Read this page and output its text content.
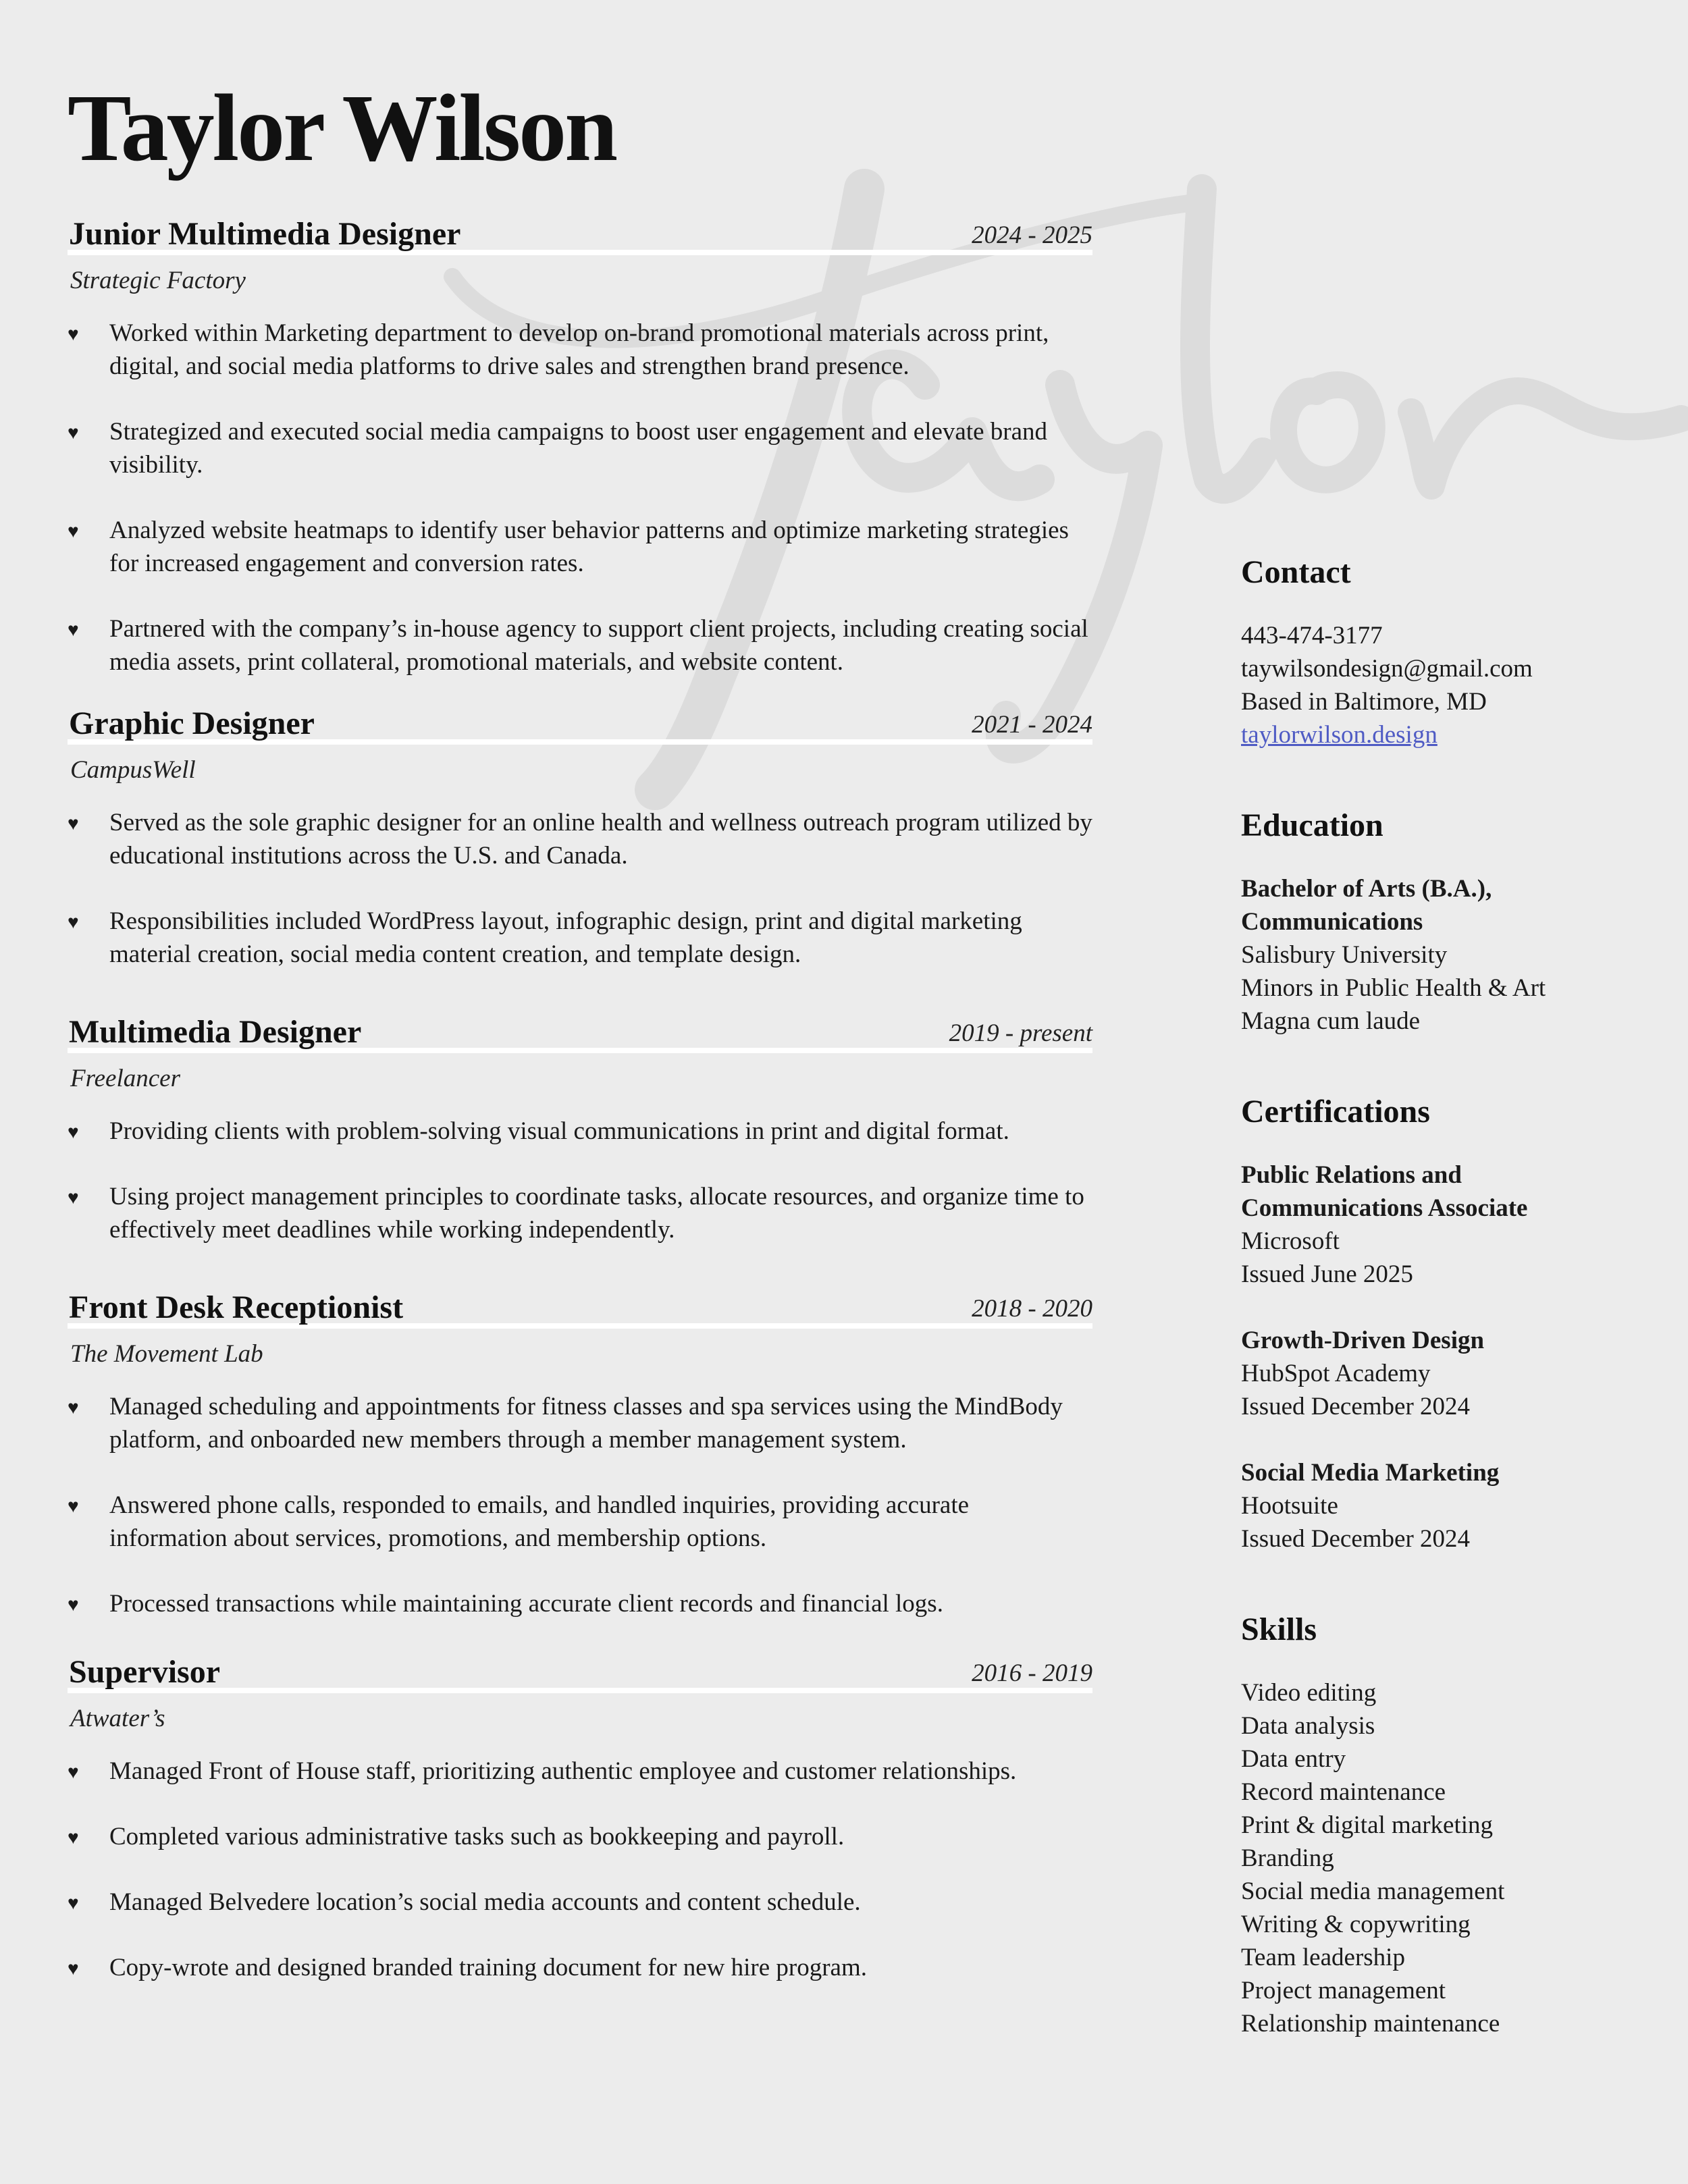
Taylor Wilson
Junior Multimedia Designer	2024 - 2025
Strategic Factory
♥ Worked within Marketing department to develop on-brand promotional materials across print, digital, and social media platforms to drive sales and strengthen brand presence.
♥ Strategized and executed social media campaigns to boost user engagement and elevate brand visibility.
♥ Analyzed website heatmaps to identify user behavior patterns and optimize marketing strategies for increased engagement and conversion rates.
♥ Partnered with the company’s in-house agency to support client projects, including creating social media assets, print collateral, promotional materials, and website content.
Graphic Designer	2021 - 2024
CampusWell
♥ Served as the sole graphic designer for an online health and wellness outreach program utilized by educational institutions across the U.S. and Canada.
♥ Responsibilities included WordPress layout, infographic design, print and digital marketing material creation, social media content creation, and template design.
Multimedia Designer	2019 - present
Freelancer
♥ Providing clients with problem-solving visual communications in print and digital format.
♥ Using project management principles to coordinate tasks, allocate resources, and organize time to effectively meet deadlines while working independently.
Front Desk Receptionist	2018 - 2020
The Movement Lab
♥ Managed scheduling and appointments for fitness classes and spa services using the MindBody platform, and onboarded new members through a member management system.
♥ Answered phone calls, responded to emails, and handled inquiries, providing accurate information about services, promotions, and membership options.
♥ Processed transactions while maintaining accurate client records and financial logs.
Supervisor	2016 - 2019
Atwater’s
♥ Managed Front of House staff, prioritizing authentic employee and customer relationships.
♥ Completed various administrative tasks such as bookkeeping and payroll.
♥ Managed Belvedere location’s social media accounts and content schedule.
♥ Copy-wrote and designed branded training document for new hire program.
Contact
443-474-3177
taywilsondesign@gmail.com
Based in Baltimore, MD
taylorwilson.design
Education
Bachelor of Arts (B.A.),
Communications
Salisbury University
Minors in Public Health & Art
Magna cum laude
Certifications
Public Relations and
Communications Associate
Microsoft
Issued June 2025
Growth-Driven Design
HubSpot Academy
Issued December 2024
Social Media Marketing
Hootsuite
Issued December 2024
Skills
Video editing
Data analysis
Data entry
Record maintenance
Print & digital marketing
Branding
Social media management
Writing & copywriting
Team leadership
Project management
Relationship maintenance
